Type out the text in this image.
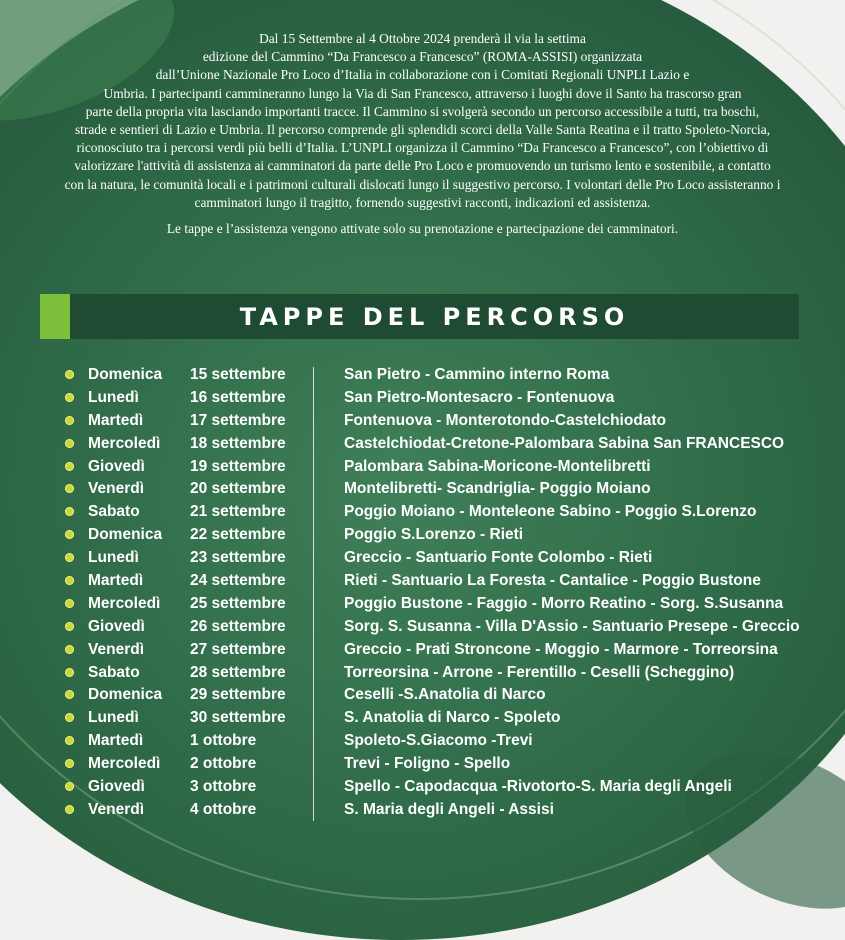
Dal 15 Settembre al 4 Ottobre 2024 prenderà il via la settima

edizione del Cammino “Da Francesco a Francesco” (ROMA-ASSISI) organizzata

dall’Unione Nazionale Pro Loco d’Italia in collaborazione con i Comitati Regionali UNPLI Lazio e

Umbria. I partecipanti cammineranno lungo la Via di San Francesco, attraverso i luoghi dove il Santo ha trascorso gran

parte della propria vita lasciando importanti tracce. Il Cammino si svolgerà secondo un percorso accessibile a tutti, tra boschi,

strade e sentieri di Lazio e Umbria. Il percorso comprende gli splendidi scorci della Valle Santa Reatina e il tratto Spoleto-Norcia,

riconosciuto tra i percorsi verdi più belli d’Italia. L’UNPLI organizza il Cammino “Da Francesco a Francesco”, con l’obiettivo di

valorizzare l'attività di assistenza ai camminatori da parte delle Pro Loco e promuovendo un turismo lento e sostenibile, a contatto

con la natura, le comunità locali e i patrimoni culturali dislocati lungo il suggestivo percorso. I volontari delle Pro Loco assisteranno i

camminatori lungo il tragitto, fornendo suggestivi racconti, indicazioni ed assistenza.

Le tappe e l’assistenza vengono attivate solo su prenotazione e partecipazione dei camminatori.

TAPPE DEL PERCORSO
Domenica 15 settembre	San Pietro - Cammino interno Roma
Lunedì	16 settembre	San Pietro-Montesacro - Fontenuova
Martedì	17 settembre	Fontenuova - Monterotondo-Castelchiodato
Mercoledì 18 settembre	Castelchiodat-Cretone-Palombara Sabina San FRANCESCO
Giovedì	19 settembre	Palombara Sabina-Moricone-Montelibretti
Venerdì	20 settembre	Montelibretti- Scandriglia- Poggio Moiano
Sabato	21 settembre	Poggio Moiano - Monteleone Sabino - Poggio S.Lorenzo
Domenica 22 settembre	Poggio S.Lorenzo - Rieti
Lunedì	23 settembre	Greccio - Santuario Fonte Colombo - Rieti
Martedì	24 settembre	Rieti - Santuario La Foresta - Cantalice - Poggio Bustone
Mercoledì 25 settembre	Poggio Bustone - Faggio - Morro Reatino - Sorg. S.Susanna
Giovedì	26 settembre	Sorg. S. Susanna - Villa D'Assio - Santuario Presepe - Greccio
Venerdì	27 settembre	Greccio - Prati Stroncone - Moggio - Marmore - Torreorsina
Sabato	28 settembre	Torreorsina - Arrone - Ferentillo - Ceselli (Scheggino)
Domenica 29 settembre	Ceselli -S.Anatolia di Narco
Lunedì	30 settembre	S. Anatolia di Narco - Spoleto
Martedì	1 ottobre	Spoleto-S.Giacomo -Trevi
Mercoledì 2 ottobre	Trevi - Foligno - Spello
Giovedì	3 ottobre	Spello - Capodacqua -Rivotorto-S. Maria degli Angeli
Venerdì	4 ottobre	S. Maria degli Angeli - Assisi
